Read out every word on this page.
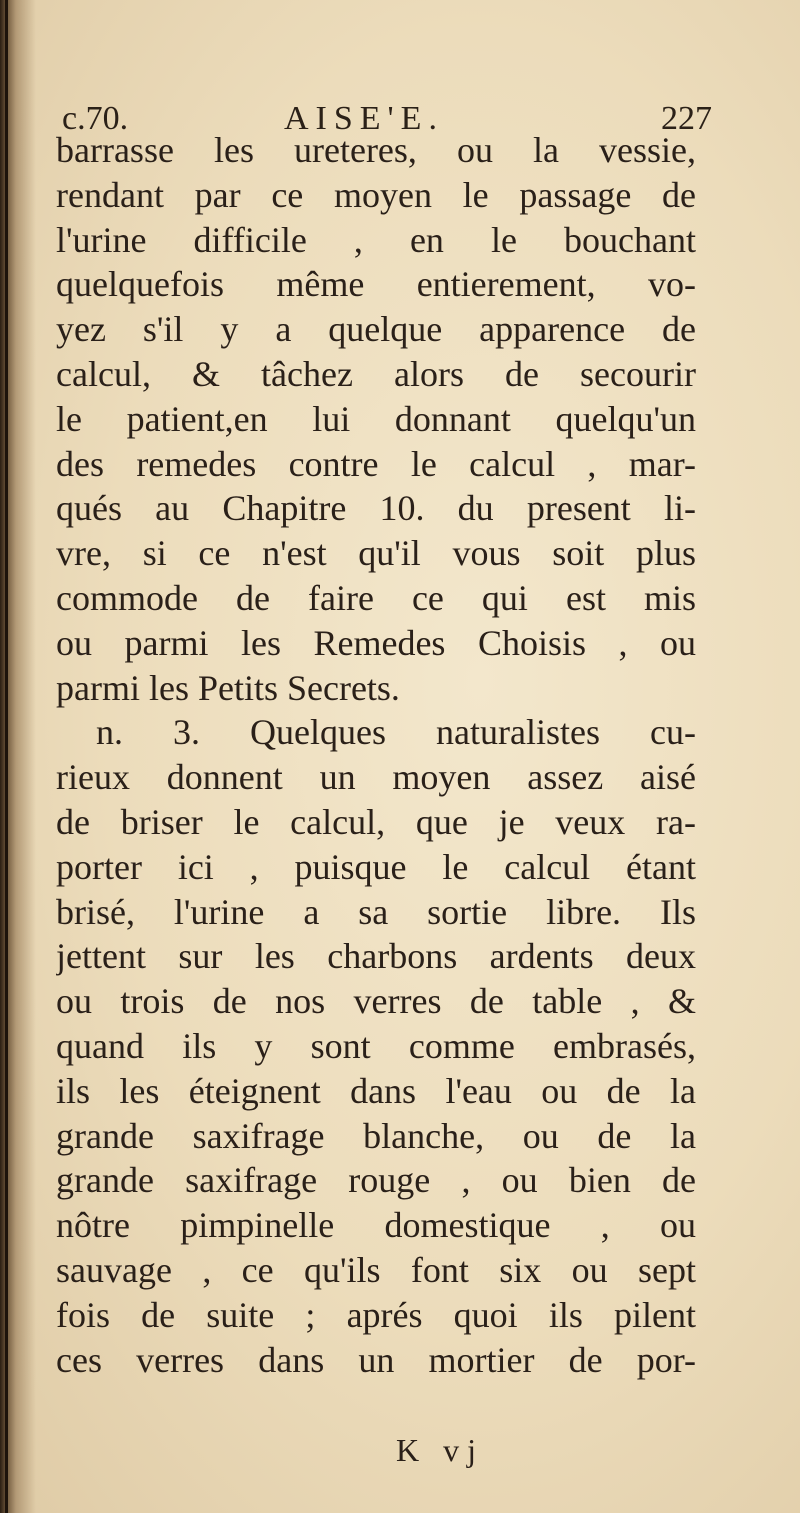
c.70.	AISE'E.	227
barrasse les ureteres, ou la vessie,
rendant par ce moyen le passage de
l'urine difficile , en le bouchant
quelquefois même entierement, vo-
yez s'il y a quelque apparence de
calcul, & tâchez alors de secourir
le patient,en lui donnant quelqu'un
des remedes contre le calcul , mar-
qués au Chapitre 10. du present li-
vre, si ce n'est qu'il vous soit plus
commode de faire ce qui est mis
ou parmi les Remedes Choisis , ou
parmi les Petits Secrets.
n. 3. Quelques naturalistes cu-
rieux donnent un moyen assez aisé
de briser le calcul, que je veux ra-
porter ici , puisque le calcul étant
brisé, l'urine a sa sortie libre. Ils
jettent sur les charbons ardents deux
ou trois de nos verres de table , &
quand ils y sont comme embrasés,
ils les éteignent dans l'eau ou de la
grande saxifrage blanche, ou de la
grande saxifrage rouge , ou bien de
nôtre pimpinelle domestique , ou
sauvage , ce qu'ils font six ou sept
fois de suite ; aprés quoi ils pilent
ces verres dans un mortier de por-
K vj
